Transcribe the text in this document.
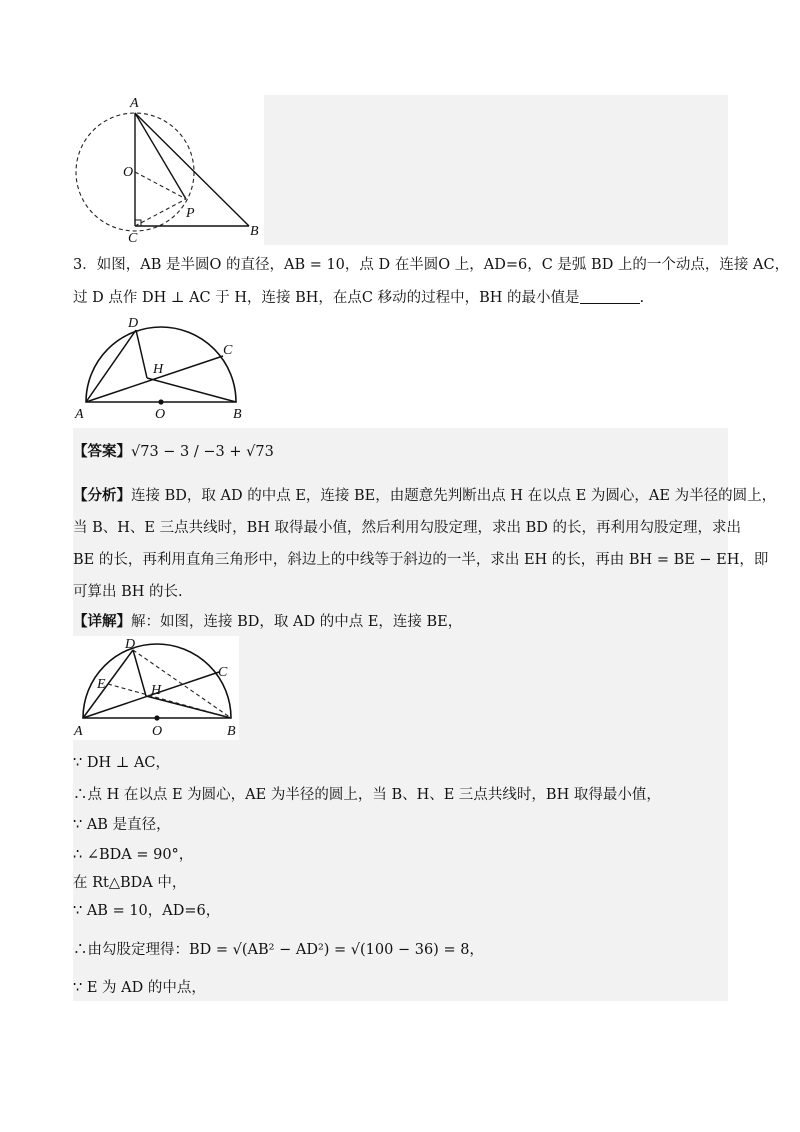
A
O
P
C	B
3．如图，AB 是半圆O 的直径，AB = 10，点 D 在半圆O 上，AD=6，C 是弧 BD 上的一个动点，连接 AC，
过 D 点作 DH ⊥ AC 于 H，连接 BH，在点C 移动的过程中，BH 的最小值是	.
D
C
H
A	O	B
【答案】√73 − 3 / −3 + √73
【分析】连接 BD，取 AD 的中点 E，连接 BE，由题意先判断出点 H 在以点 E 为圆心，AE 为半径的圆上，
当 B、H、E 三点共线时，BH 取得最小值，然后利用勾股定理，求出 BD 的长，再利用勾股定理，求出
BE 的长，再利用直角三角形中，斜边上的中线等于斜边的一半，求出 EH 的长，再由 BH = BE − EH，即
可算出 BH 的长.
【详解】解：如图，连接 BD，取 AD 的中点 E，连接 BE，
D
C
E	H
A	O	B
∵ DH ⊥ AC，
∴点 H 在以点 E 为圆心，AE 为半径的圆上，当 B、H、E 三点共线时，BH 取得最小值，
∵ AB 是直径，
∴ ∠BDA = 90°，
在 Rt△BDA 中，
∵ AB = 10，AD=6，
∴由勾股定理得：BD = √(AB² − AD²) = √(100 − 36) = 8，
∵ E 为 AD 的中点，
